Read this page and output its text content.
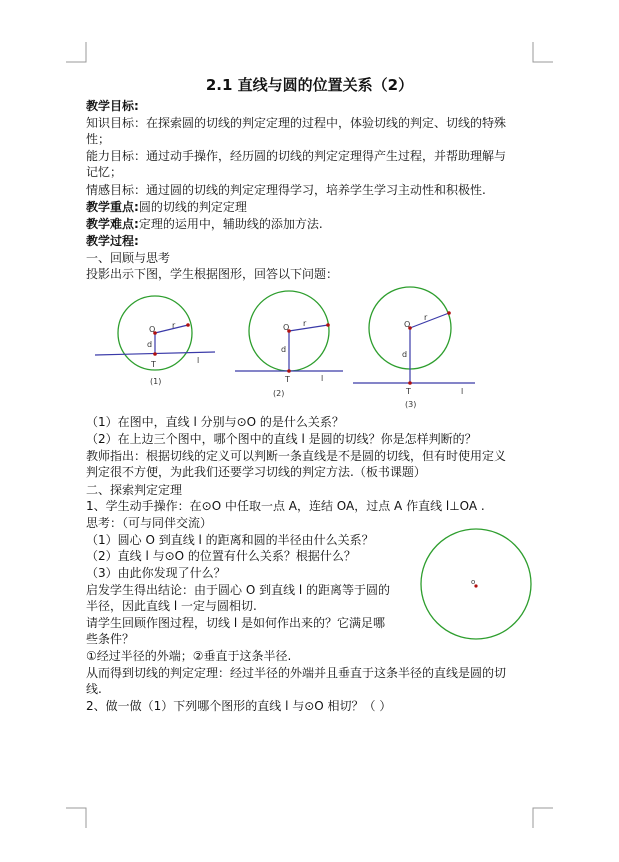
2.1 直线与圆的位置关系（2）
教学目标:
知识目标：在探索圆的切线的判定定理的过程中，体验切线的判定、切线的特殊
性；
能力目标：通过动手操作，经历圆的切线的判定定理得产生过程，并帮助理解与
记忆；
情感目标：通过圆的切线的判定定理得学习，培养学生学习主动性和积极性.
教学重点:圆的切线的判定定理
教学难点:定理的运用中，辅助线的添加方法.
教学过程:
一、回顾与思考
投影出示下图，学生根据图形，回答以下问题：
（1）在图中，直线 l 分别与⊙O 的是什么关系？
（2）在上边三个图中，哪个图中的直线 l 是圆的切线？你是怎样判断的？
教师指出：根据切线的定义可以判断一条直线是不是圆的切线，但有时使用定义
判定很不方便，为此我们还要学习切线的判定方法.（板书课题）
二、探索判定定理
1、学生动手操作：在⊙O 中任取一点 A，连结 OA，过点 A 作直线 l⊥OA .
思考：（可与同伴交流）
（1）圆心 O 到直线 l 的距离和圆的半径由什么关系？
（2）直线 l 与⊙O 的位置有什么关系？根据什么？
（3）由此你发现了什么？
启发学生得出结论：由于圆心 O 到直线 l 的距离等于圆的
半径，因此直线 l 一定与圆相切.
请学生回顾作图过程，切线 l 是如何作出来的？它满足哪
些条件？
①经过半径的外端；②垂直于这条半径.
从而得到切线的判定定理：经过半径的外端并且垂直于这条半径的直线是圆的切
线.
2、做一做（1）下列哪个图形的直线 l 与⊙O 相切？（ ）
O r
d
T	l
(1)
O r
d
T	l
(2)
O
r
d
T	l
(3)
o
